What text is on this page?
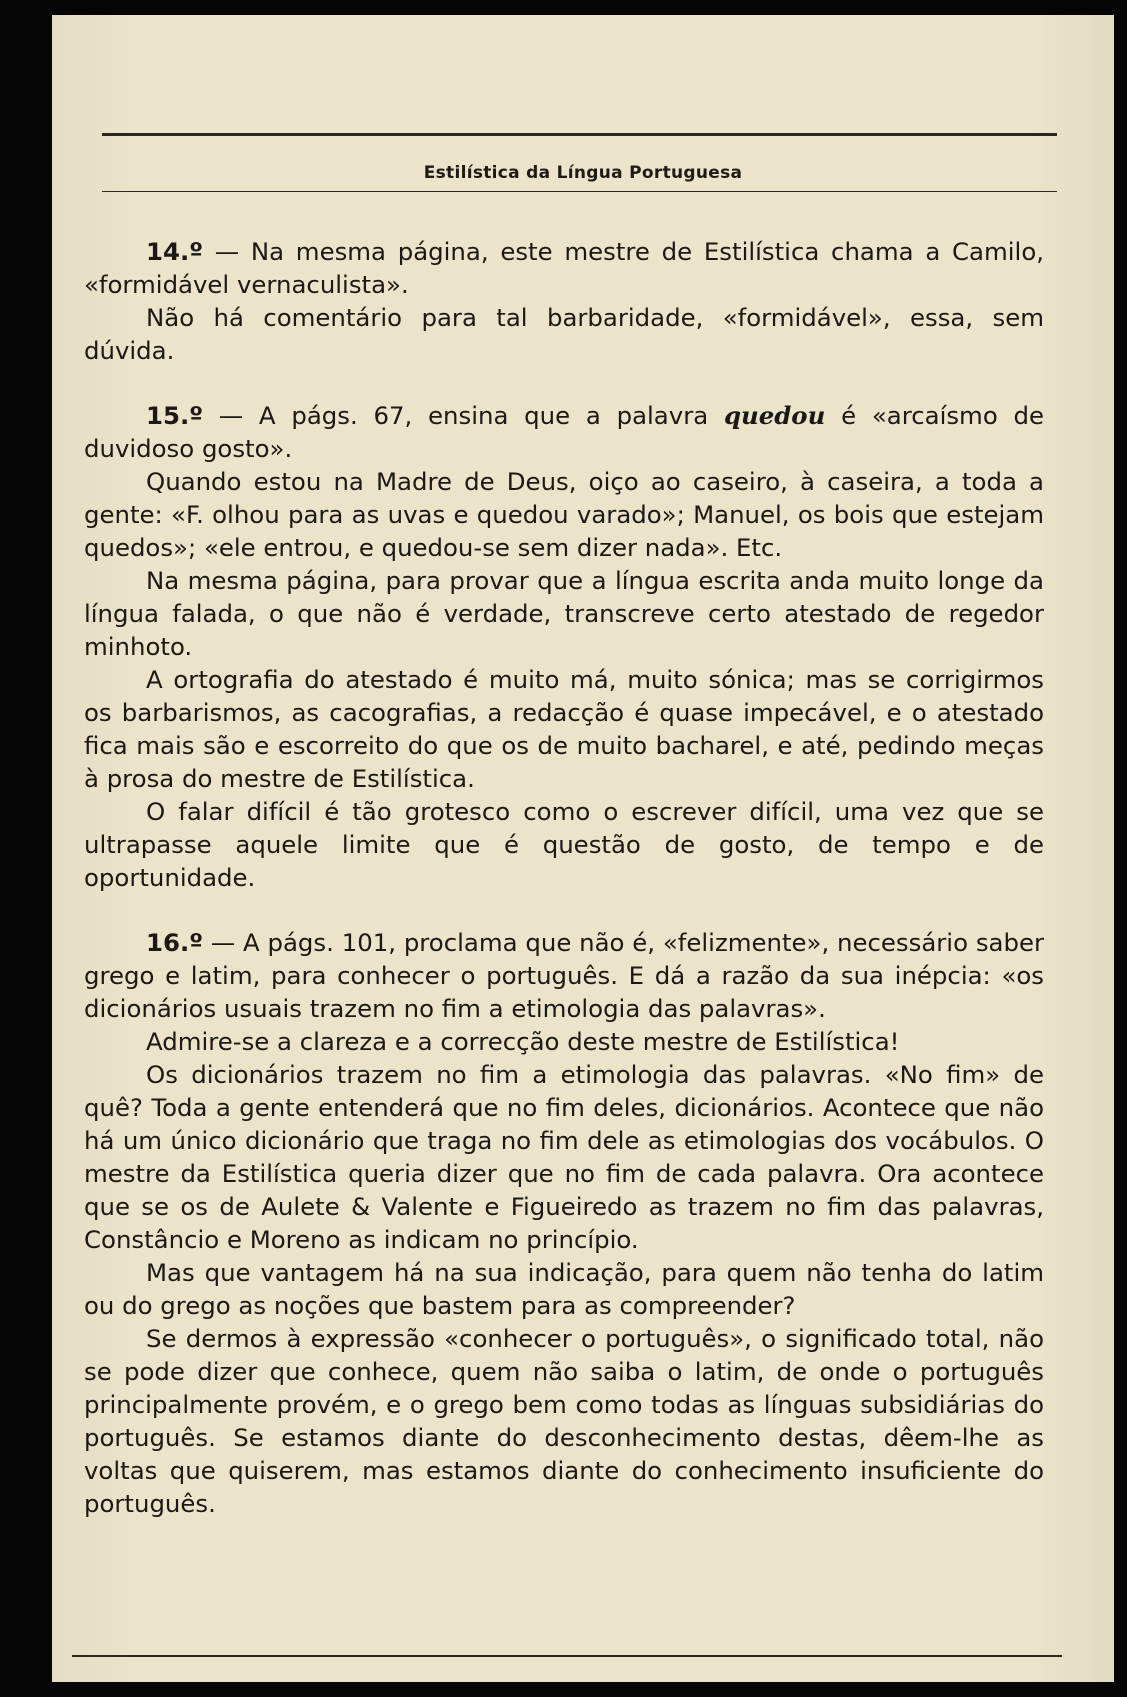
Estilística da Língua Portuguesa

14.º — Na mesma página, este mestre de Estilística chama a Camilo, «formidável vernaculista».

Não há comentário para tal barbaridade, «formidável», essa, sem dúvida.

15.º — A págs. 67, ensina que a palavra quedou é «arcaísmo de duvidoso gosto».

Quando estou na Madre de Deus, oiço ao caseiro, à caseira, a toda a gente: «F. olhou para as uvas e quedou varado»; Manuel, os bois que estejam quedos»; «ele entrou, e quedou-se sem dizer nada». Etc.

Na mesma página, para provar que a língua escrita anda muito longe da língua falada, o que não é verdade, transcreve certo atestado de regedor minhoto.

A ortografia do atestado é muito má, muito sónica; mas se corrigirmos os barbarismos, as cacografias, a redacção é quase impecável, e o atestado fica mais são e escorreito do que os de muito bacharel, e até, pedindo meças à prosa do mestre de Estilística.

O falar difícil é tão grotesco como o escrever difícil, uma vez que se ultrapasse aquele limite que é questão de gosto, de tempo e de oportunidade.

16.º — A págs. 101, proclama que não é, «felizmente», necessário saber grego e latim, para conhecer o português. E dá a razão da sua inépcia: «os dicionários usuais trazem no fim a etimologia das palavras».

Admire-se a clareza e a correcção deste mestre de Estilística!

Os dicionários trazem no fim a etimologia das palavras. «No fim» de quê? Toda a gente entenderá que no fim deles, dicionários. Acontece que não há um único dicionário que traga no fim dele as etimologias dos vocábulos. O mestre da Estilística queria dizer que no fim de cada palavra. Ora acontece que se os de Aulete & Valente e Figueiredo as trazem no fim das palavras, Constâncio e Moreno as indicam no princípio.

Mas que vantagem há na sua indicação, para quem não tenha do latim ou do grego as noções que bastem para as compreender?

Se dermos à expressão «conhecer o português», o significado total, não se pode dizer que conhece, quem não saiba o latim, de onde o português principalmente provém, e o grego bem como todas as línguas subsidiárias do português. Se estamos diante do desconhecimento destas, dêem-lhe as voltas que quiserem, mas estamos diante do conhecimento insuficiente do português.
